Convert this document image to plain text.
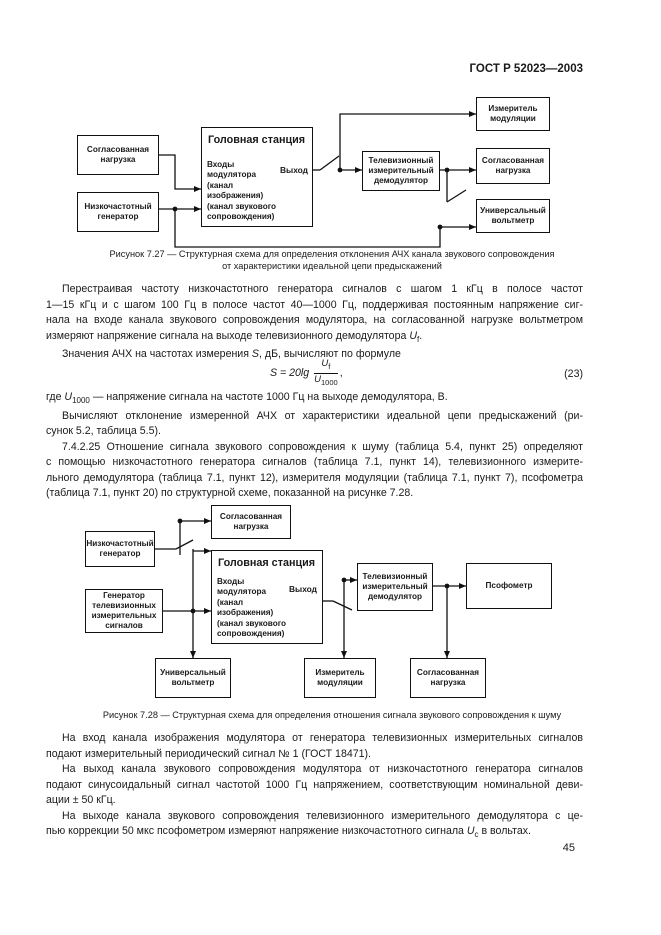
ГОСТ Р 52023—2003
Согласованная нагрузка
Низкочастотный генератор
Головная станция
Входы
модулятора
(канал
изображения)
(канал звукового
сопровождения)
Выход
Телевизионный измерительный демодулятор
Измеритель модуляции
Согласованная нагрузка
Универсальный вольтметр
Рисунок 7.27 — Структурная схема для определения отклонения АЧХ канала звукового сопровождения
от характеристики идеальной цепи предыскажений
Перестраивая частоту низкочастотного генератора сигналов с шагом 1 кГц в полосе частот
1—15 кГц и с шагом 100 Гц в полосе частот 40—1000 Гц, поддерживая постоянным напряжение сиг-
нала на входе канала звукового сопровождения модулятора, на согласованной нагрузке вольтметром
измеряют напряжение сигнала на выходе телевизионного демодулятора $U_f$.
Значения АЧХ на частотах измерения S, дБ, вычисляют по формуле
$S = 20\lg \frac{U_f}{U_{1000}}$ ,	(23)
где $U_{1000}$ — напряжение сигнала на частоте 1000 Гц на выходе демодулятора, В.
Вычисляют отклонение измеренной АЧХ от характеристики идеальной цепи предыскажений (ри-
сунок 5.2, таблица 5.5).
7.4.2.25 Отношение сигнала звукового сопровождения к шуму (таблица 5.4, пункт 25) определяют
с помощью низкочастотного генератора сигналов (таблица 7.1, пункт 14), телевизионного измерите-
льного демодулятора (таблица 7.1, пункт 12), измерителя модуляции (таблица 7.1, пункт 7), псофометра
(таблица 7.1, пункт 20) по структурной схеме, показанной на рисунке 7.28.
Низкочастотный генератор
Согласованная нагрузка
Генератор телевизионных измерительных сигналов
Головная станция
Входы
модулятора
(канал
изображения)
(канал звукового
сопровождения)
Выход
Телевизионный измерительный демодулятор
Псофометр
Универсальный вольтметр
Измеритель модуляции
Согласованная нагрузка
Рисунок 7.28 — Структурная схема для определения отношения сигнала звукового сопровождения к шуму
На вход канала изображения модулятора от генератора телевизионных измерительных сигналов
подают измерительный периодический сигнал № 1 (ГОСТ 18471).
На выход канала звукового сопровождения модулятора от низкочастотного генератора сигналов
подают синусоидальный сигнал частотой 1000 Гц напряжением, соответствующим номинальной деви-
ации ± 50 кГц.
На выходе канала звукового сопровождения телевизионного измерительного демодулятора с це-
пью коррекции 50 мкс псофометром измеряют напряжение низкочастотного сигнала $U_c$ в вольтах.
45
